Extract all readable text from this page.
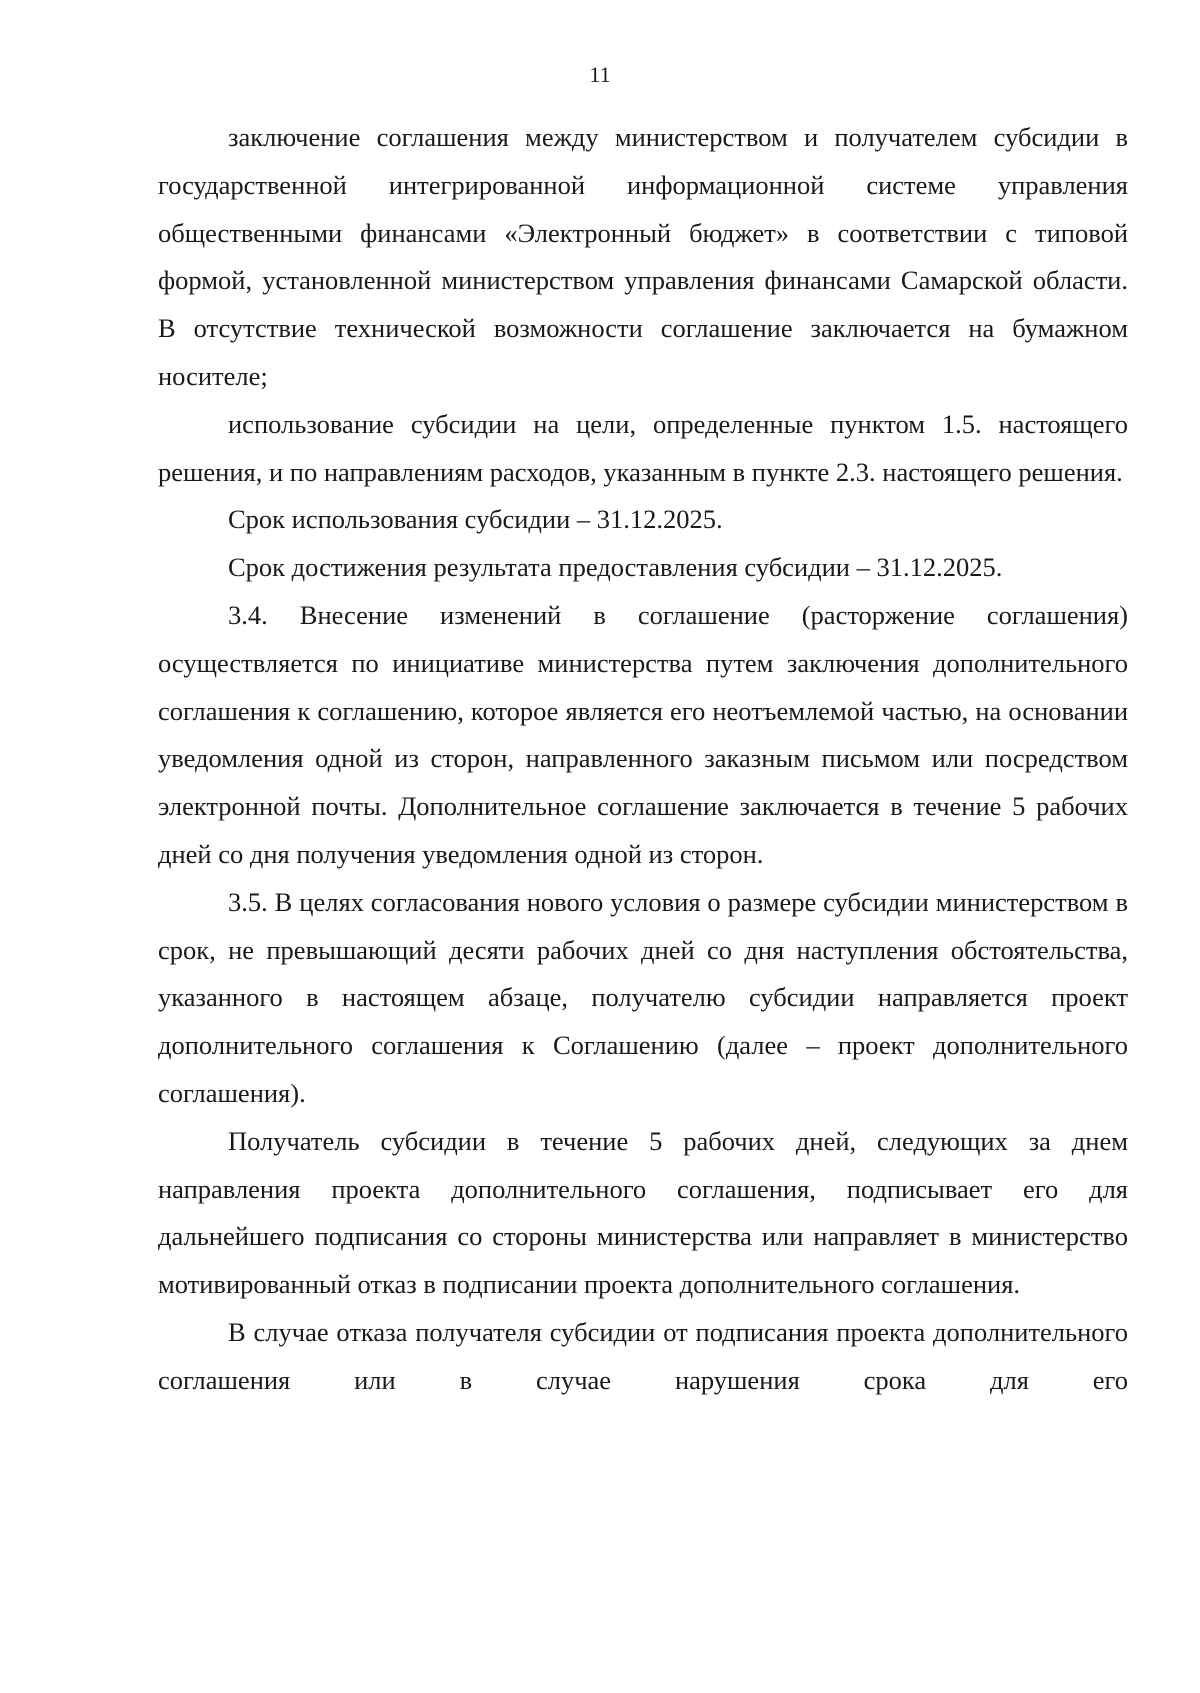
11

заключение соглашения между министерством и получателем субсидии в государственной интегрированной информационной системе управления общественными финансами «Электронный бюджет» в соответствии с типовой формой, установленной министерством управления финансами Самарской области. В отсутствие технической возможности соглашение заключается на бумажном носителе;

использование субсидии на цели, определенные пунктом 1.5. настоящего решения, и по направлениям расходов, указанным в пункте 2.3. настоящего решения.

Срок использования субсидии – 31.12.2025.

Срок достижения результата предоставления субсидии – 31.12.2025.

3.4. Внесение изменений в соглашение (расторжение соглашения) осуществляется по инициативе министерства путем заключения дополнительного соглашения к соглашению, которое является его неотъемлемой частью, на основании уведомления одной из сторон, направленного заказным письмом или посредством электронной почты. Дополнительное соглашение заключается в течение 5 рабочих дней со дня получения уведомления одной из сторон.

3.5. В целях согласования нового условия о размере субсидии министерством в срок, не превышающий десяти рабочих дней со дня наступления обстоятельства, указанного в настоящем абзаце, получателю субсидии направляется проект дополнительного соглашения к Соглашению (далее – проект дополнительного соглашения).

Получатель субсидии в течение 5 рабочих дней, следующих за днем направления проекта дополнительного соглашения, подписывает его для дальнейшего подписания со стороны министерства или направляет в министерство мотивированный отказ в подписании проекта дополнительного соглашения.

В случае отказа получателя субсидии от подписания проекта дополнительного соглашения или в случае нарушения срока для его
